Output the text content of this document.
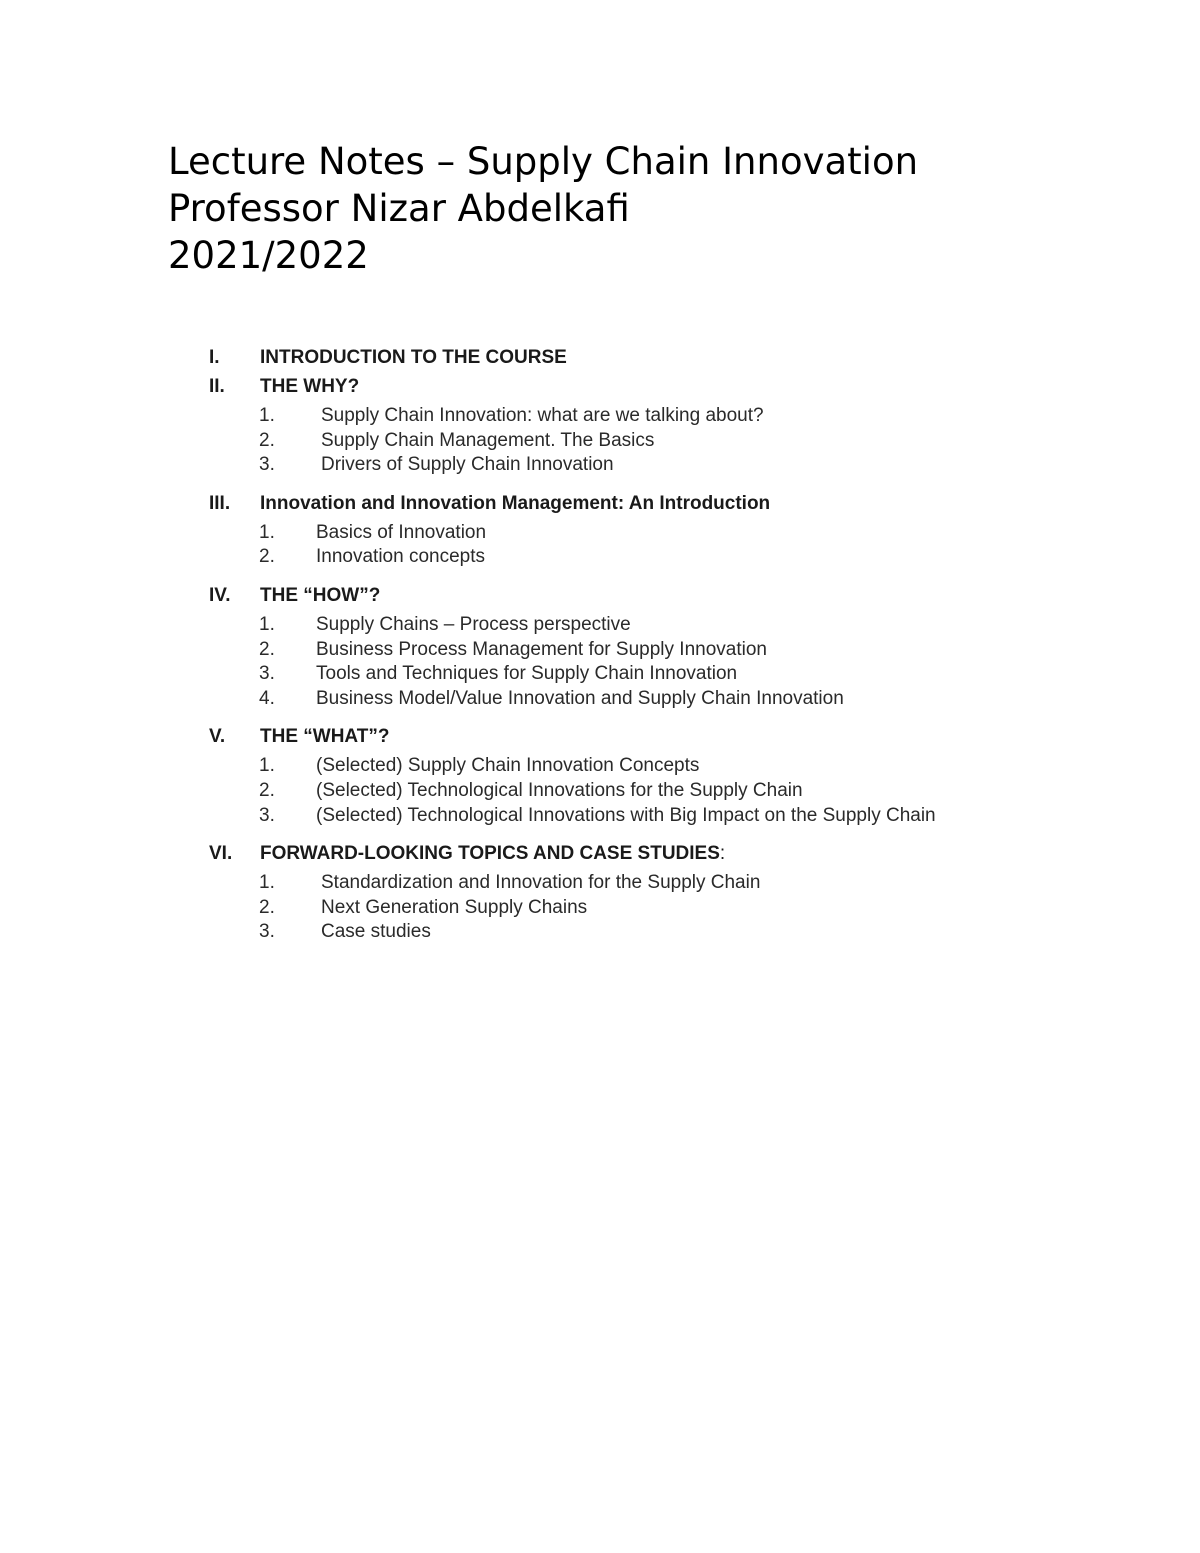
Lecture Notes – Supply Chain Innovation
Professor Nizar Abdelkafi
2021/2022
I.	INTRODUCTION TO THE COURSE
II.	THE WHY?
1.	Supply Chain Innovation: what are we talking about?
2.	Supply Chain Management. The Basics
3.	Drivers of Supply Chain Innovation
III.	Innovation and Innovation Management: An Introduction
1.	Basics of Innovation
2.	Innovation concepts
IV.	THE “HOW”?
1.	Supply Chains – Process perspective
2.	Business Process Management for Supply Innovation
3.	Tools and Techniques for Supply Chain Innovation
4.	Business Model/Value Innovation and Supply Chain Innovation
V.	THE “WHAT”?
1.	(Selected) Supply Chain Innovation Concepts
2.	(Selected) Technological Innovations for the Supply Chain
3.	(Selected) Technological Innovations with Big Impact on the Supply Chain
VI.	FORWARD-LOOKING TOPICS AND CASE STUDIES :
1.	Standardization and Innovation for the Supply Chain
2.	Next Generation Supply Chains
3.	Case studies
